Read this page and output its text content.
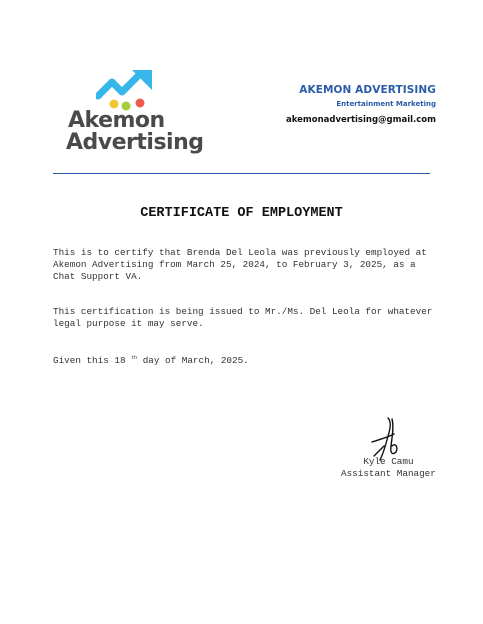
Akemon
Advertising
AKEMON ADVERTISING
Entertainment Marketing
akemonadvertising@gmail.com
CERTIFICATE OF EMPLOYMENT

This is to certify that Brenda Del Leola was previously employed at Akemon Advertising from March 25, 2024, to February 3, 2025, as a Chat Support VA.

This certification is being issued to Mr./Ms. Del Leola for whatever legal purpose it may serve.

Given this 18 $^{th}$ day of March, 2025.

Kyle Camu
Assistant Manager
